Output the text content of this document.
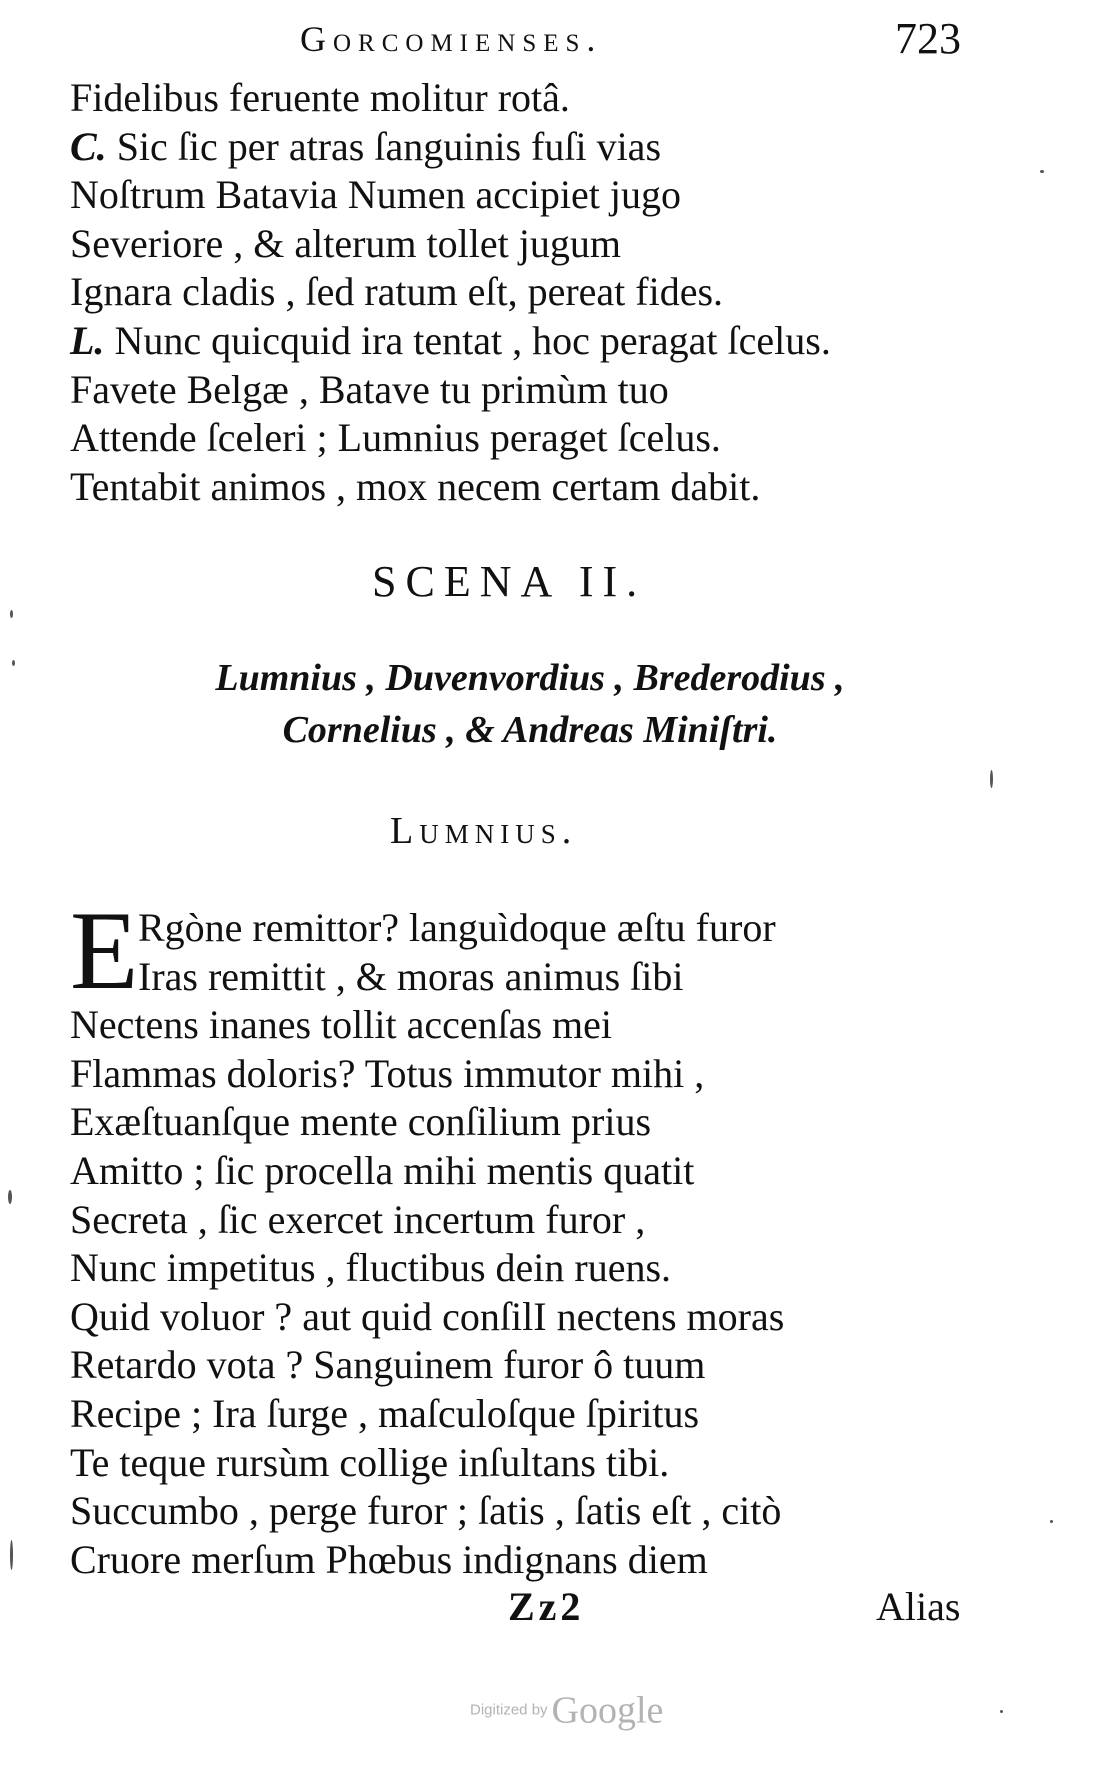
Gorcomienses.	723
Fidelibus feruente molitur rotâ.
C. Sic ſic per atras ſanguinis fuſi vias
Noſtrum Batavia Numen accipiet jugo
Severiore , & alterum tollet jugum
Ignara cladis , ſed ratum eſt, pereat fides.
L. Nunc quicquid ira tentat , hoc peragat ſcelus.
Favete Belgæ , Batave tu primùm tuo
Attende ſceleri ; Lumnius peraget ſcelus.
Tentabit animos , mox necem certam dabit.
SCENA II.
Lumnius , Duvenvordius , Brederodius , Cornelius , & Andreas Miniſtri.
Lumnius.
E Rgòne remittor? languìdoque æſtu furor
Iras remittit , & moras animus ſibi
Nectens inanes tollit accenſas mei
Flammas doloris? Totus immutor mihi ,
Exæſtuanſque mente conſilium prius
Amitto ; ſic procella mihi mentis quatit
Secreta , ſic exercet incertum furor ,
Nunc impetitus , fluctibus dein ruens.
Quid voluor ? aut quid conſilI nectens moras
Retardo vota ? Sanguinem furor ô tuum
Recipe ; Ira ſurge , maſculoſque ſpiritus
Te teque rursùm collige inſultans tibi.
Succumbo , perge furor ; ſatis , ſatis eſt , citò
Cruore merſum Phœbus indignans diem
Zz2	Alias
Digitized by Google
